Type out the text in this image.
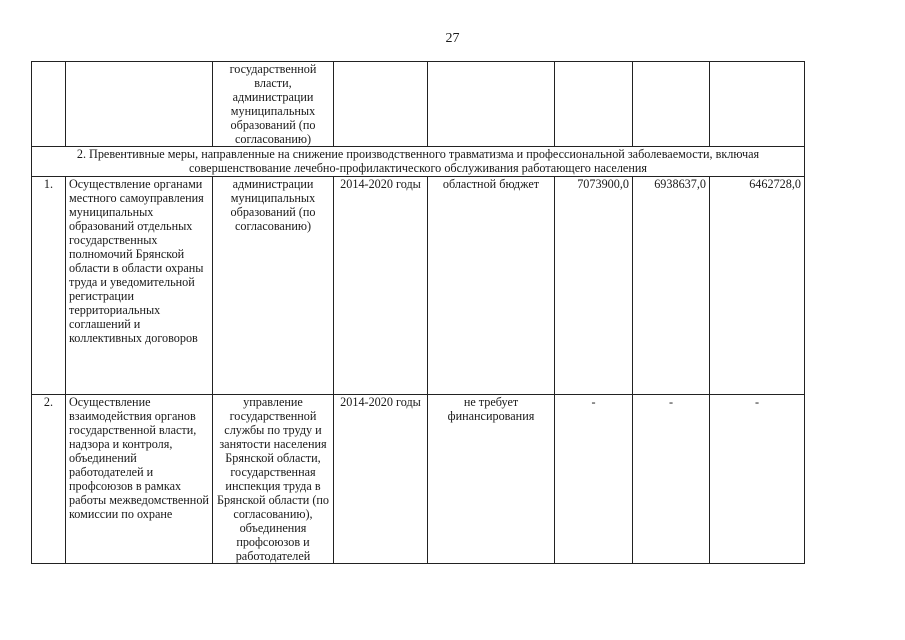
27
		государственной власти, администрации муниципальных образований (по согласованию)					
2. Превентивные меры, направленные на снижение производственного травматизма и профессиональной заболеваемости, включая совершенствование лечебно-профилактического обслуживания работающего населения							
1.	Осуществление органами местного самоуправления муниципальных образований отдельных государственных полномочий Брянской области в области охраны труда и уведомительной регистрации территориальных соглашений и коллективных договоров	администрации муниципальных образований (по согласованию)	2014-2020 годы	областной бюджет	7073900,0	6938637,0	6462728,0
2.	Осуществление взаимодействия органов государственной власти, надзора и контроля, объединений работодателей и профсоюзов в рамках работы межведомственной комиссии по охране	управление государственной службы по труду и занятости населения Брянской области, государственная инспекция труда в Брянской области (по согласованию), объединения профсоюзов и работодателей	2014-2020 годы	не требует финансирования	-	-	-
